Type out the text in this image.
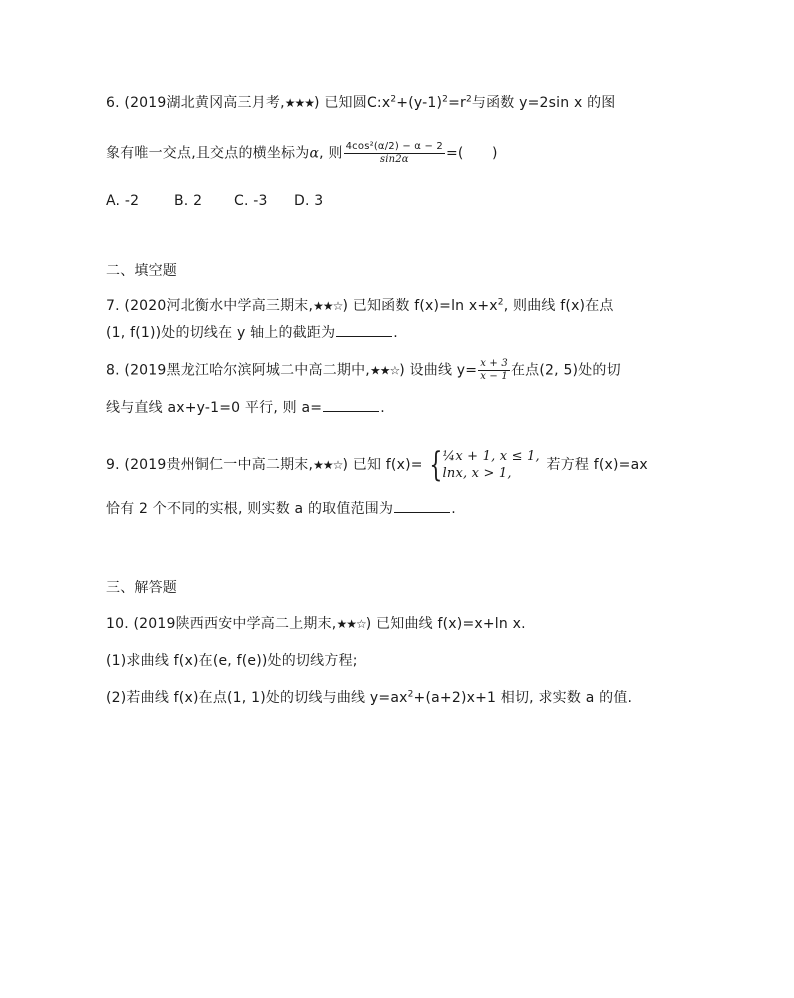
6. (2019湖北黄冈高三月考,★★★) 已知圆$C:x^2+(y-1)^2=r^2$与函数 y=2sin x 的图
象有唯一交点,且交点的横坐标为α, 则 $\frac{\text{4cos²(α/2) − α − 2}}{\sin 2\alpha}$ =(　　)
A. -2 B. 2 C. -3 D. 3
二、填空题
7. (2020河北衡水中学高三期末,★★☆) 已知函数 f(x)=ln $x+x^2$, 则曲线 f(x)在点
(1, f(1))处的切线在 y 轴上的截距为	.
8. (2019黑龙江哈尔滨阿城二中高二期中,★★☆) 设曲线 $y= \frac{x + 3}{x - 1}$ 在点(2, 5)处的切
线与直线 ax+y-1=0 平行, 则 a=	.
9. (2019贵州铜仁一中高二期末,★★☆) 已知 f(x)= { ¼x + 1, x ≤ 1,
lnx, x > 1,
若方程 f(x)=ax
恰有 2 个不同的实根, 则实数 a 的取值范围为	.
三、解答题
10. (2019陕西西安中学高二上期末,★★☆) 已知曲线 f(x)=x+ln x.
(1)求曲线 f(x)在(e, f(e))处的切线方程;
(2)若曲线 f(x)在点(1, 1)处的切线与曲线 $y=ax^2+(a+2)x+1$ 相切, 求实数 a 的值.
